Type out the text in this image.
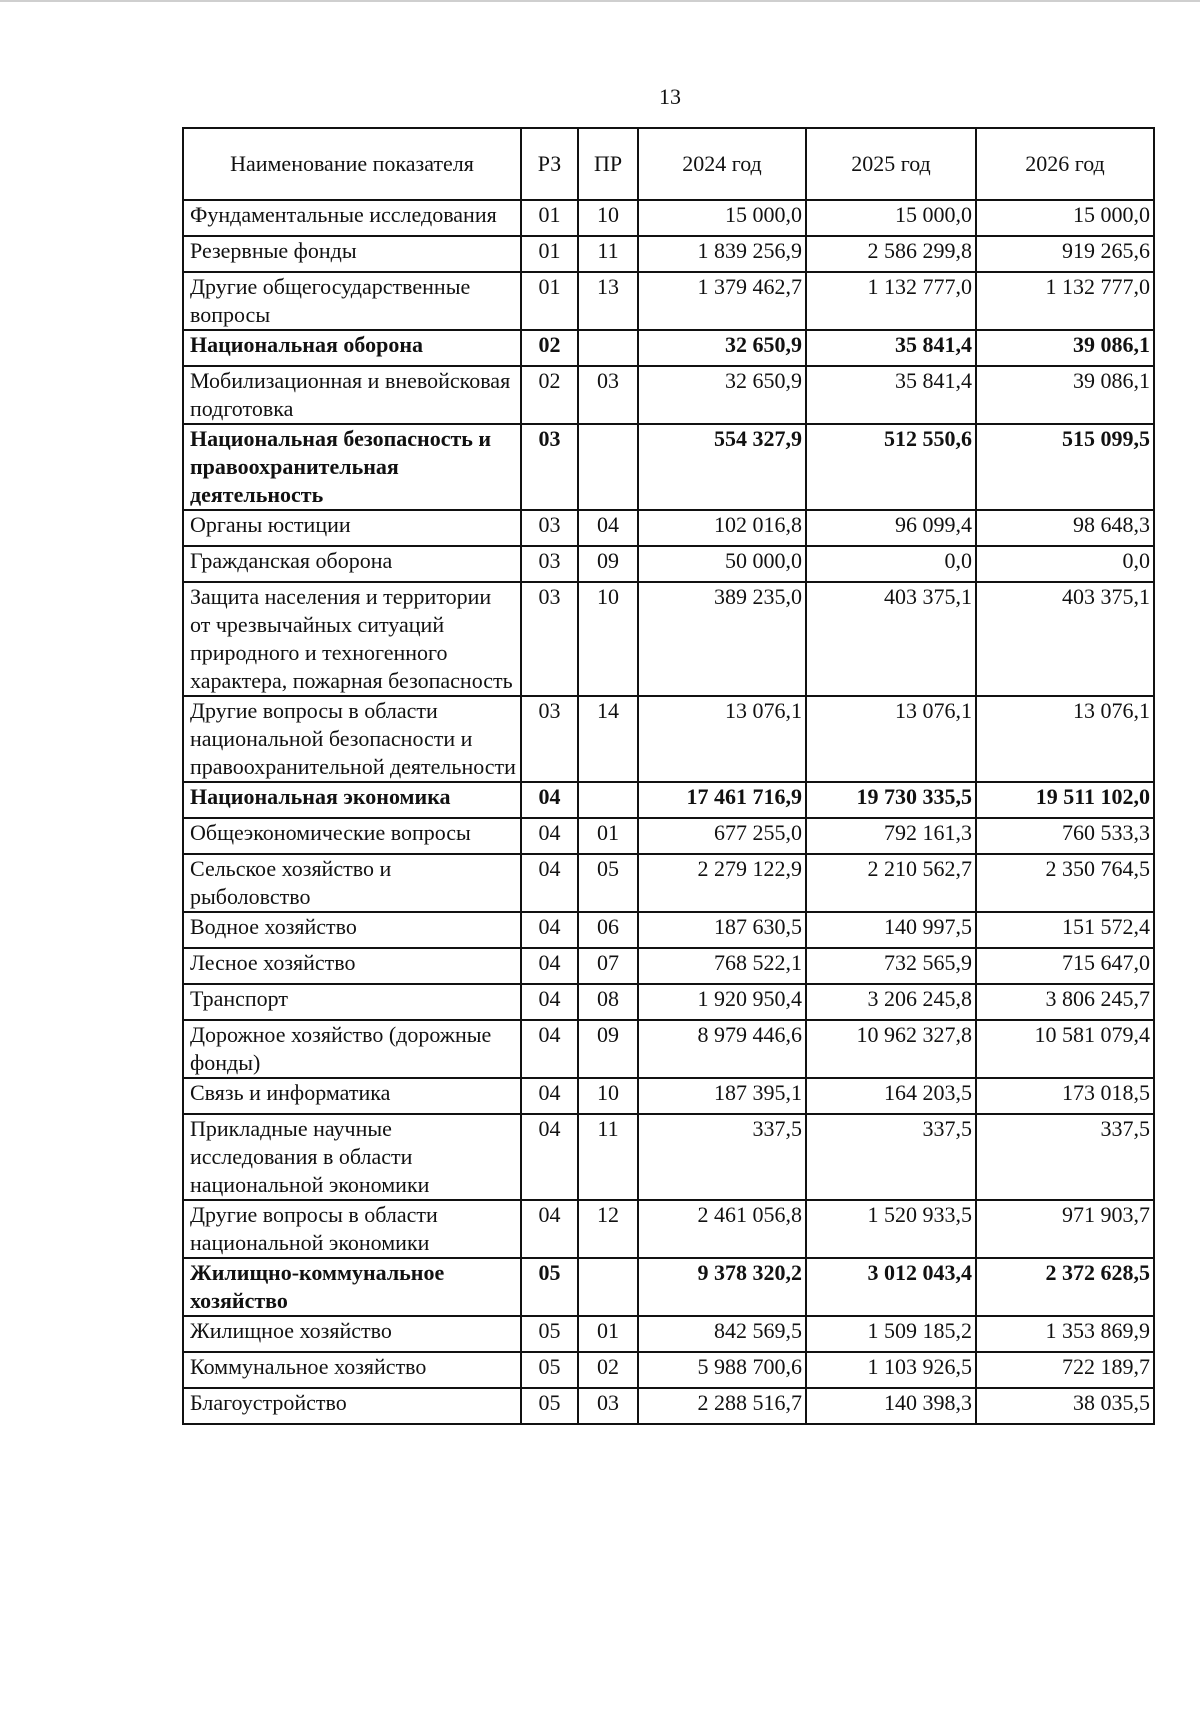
13
Наименование показателя	РЗ	ПР	2024 год	2025 год	2026 год
Фундаментальные исследования	01	10	15 000,0	15 000,0	15 000,0
Резервные фонды	01	11	1 839 256,9	2 586 299,8	919 265,6
Другие общегосударственные вопросы	01	13	1 379 462,7	1 132 777,0	1 132 777,0
Национальная оборона	02		32 650,9	35 841,4	39 086,1
Мобилизационная и вневойсковая подготовка	02	03	32 650,9	35 841,4	39 086,1
Национальная безопасность и правоохранительная деятельность	03		554 327,9	512 550,6	515 099,5
Органы юстиции	03	04	102 016,8	96 099,4	98 648,3
Гражданская оборона	03	09	50 000,0	0,0	0,0
Защита населения и территории от чрезвычайных ситуаций природного и техногенного характера, пожарная безопасность	03	10	389 235,0	403 375,1	403 375,1
Другие вопросы в области национальной безопасности и правоохранительной деятельности	03	14	13 076,1	13 076,1	13 076,1
Национальная экономика	04		17 461 716,9	19 730 335,5	19 511 102,0
Общеэкономические вопросы	04	01	677 255,0	792 161,3	760 533,3
Сельское хозяйство и рыболовство	04	05	2 279 122,9	2 210 562,7	2 350 764,5
Водное хозяйство	04	06	187 630,5	140 997,5	151 572,4
Лесное хозяйство	04	07	768 522,1	732 565,9	715 647,0
Транспорт	04	08	1 920 950,4	3 206 245,8	3 806 245,7
Дорожное хозяйство (дорожные фонды)	04	09	8 979 446,6	10 962 327,8	10 581 079,4
Связь и информатика	04	10	187 395,1	164 203,5	173 018,5
Прикладные научные исследования в области национальной экономики	04	11	337,5	337,5	337,5
Другие вопросы в области национальной экономики	04	12	2 461 056,8	1 520 933,5	971 903,7
Жилищно-коммунальное хозяйство	05		9 378 320,2	3 012 043,4	2 372 628,5
Жилищное хозяйство	05	01	842 569,5	1 509 185,2	1 353 869,9
Коммунальное хозяйство	05	02	5 988 700,6	1 103 926,5	722 189,7
Благоустройство	05	03	2 288 516,7	140 398,3	38 035,5
